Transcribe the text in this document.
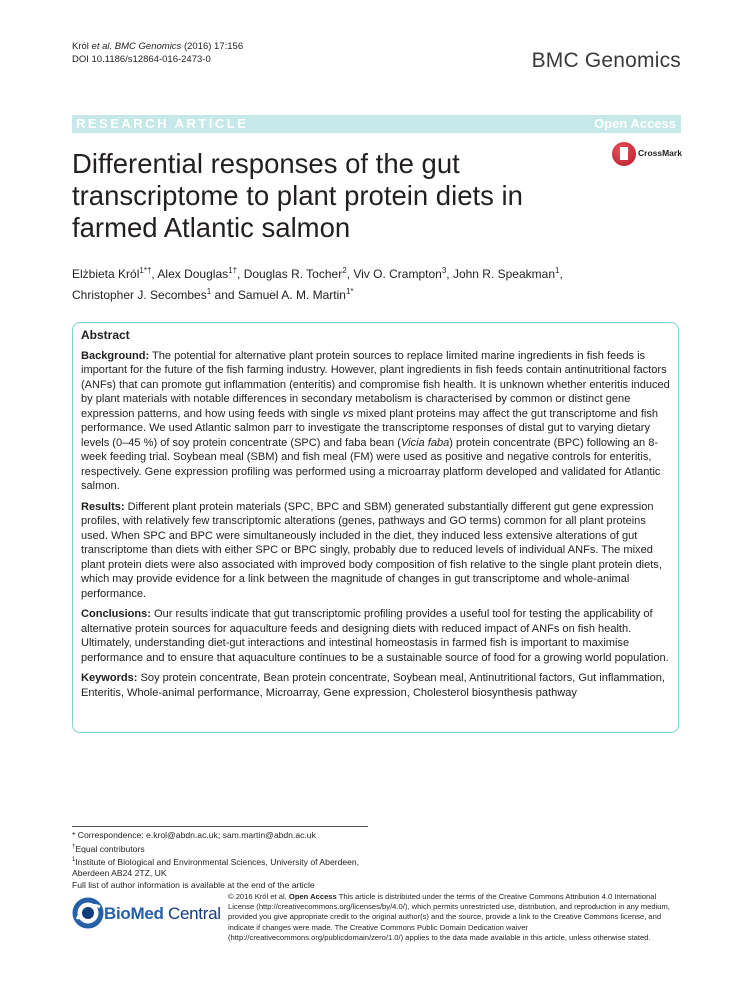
Król et al. BMC Genomics (2016) 17:156
DOI 10.1186/s12864-016-2473-0	BMC Genomics
RESEARCH ARTICLE	Open Access
Differential responses of the gut transcriptome to plant protein diets in farmed Atlantic salmon
CrossMark
Elżbieta Król$^{1*\dagger}$, Alex Douglas$^{1\dagger}$, Douglas R. Tocher$^2$, Viv O. Crampton$^3$, John R. Speakman$^1$,
Christopher J. Secombes$^1$ and Samuel A. M. Martin$^{1*}$
Abstract

Background: The potential for alternative plant protein sources to replace limited marine ingredients in fish feeds is important for the future of the fish farming industry. However, plant ingredients in fish feeds contain antinutritional factors (ANFs) that can promote gut inflammation (enteritis) and compromise fish health. It is unknown whether enteritis induced by plant materials with notable differences in secondary metabolism is characterised by common or distinct gene expression patterns, and how using feeds with single vs mixed plant proteins may affect the gut transcriptome and fish performance. We used Atlantic salmon parr to investigate the transcriptome responses of distal gut to varying dietary levels (0–45 %) of soy protein concentrate (SPC) and faba bean (Vicia faba) protein concentrate (BPC) following an 8-week feeding trial. Soybean meal (SBM) and fish meal (FM) were used as positive and negative controls for enteritis, respectively. Gene expression profiling was performed using a microarray platform developed and validated for Atlantic salmon.

Results: Different plant protein materials (SPC, BPC and SBM) generated substantially different gut gene expression profiles, with relatively few transcriptomic alterations (genes, pathways and GO terms) common for all plant proteins used. When SPC and BPC were simultaneously included in the diet, they induced less extensive alterations of gut transcriptome than diets with either SPC or BPC singly, probably due to reduced levels of individual ANFs. The mixed plant protein diets were also associated with improved body composition of fish relative to the single plant protein diets, which may provide evidence for a link between the magnitude of changes in gut transcriptome and whole-animal performance.

Conclusions: Our results indicate that gut transcriptomic profiling provides a useful tool for testing the applicability of alternative protein sources for aquaculture feeds and designing diets with reduced impact of ANFs on fish health. Ultimately, understanding diet-gut interactions and intestinal homeostasis in farmed fish is important to maximise performance and to ensure that aquaculture continues to be a sustainable source of food for a growing world population.

Keywords: Soy protein concentrate, Bean protein concentrate, Soybean meal, Antinutritional factors, Gut inflammation, Enteritis, Whole-animal performance, Microarray, Gene expression, Cholesterol biosynthesis pathway

* Correspondence: e.krol@abdn.ac.uk; sam.martin@abdn.ac.uk
†Equal contributors
$^1$Institute of Biological and Environmental Sciences, University of Aberdeen,
Aberdeen AB24 2TZ, UK
Full list of author information is available at the end of the article
BioMed Central
© 2016 Król et al. Open Access This article is distributed under the terms of the Creative Commons Attribution 4.0 International License (http://creativecommons.org/licenses/by/4.0/), which permits unrestricted use, distribution, and reproduction in any medium, provided you give appropriate credit to the original author(s) and the source, provide a link to the Creative Commons license, and indicate if changes were made. The Creative Commons Public Domain Dedication waiver (http://creativecommons.org/publicdomain/zero/1.0/) applies to the data made available in this article, unless otherwise stated.
